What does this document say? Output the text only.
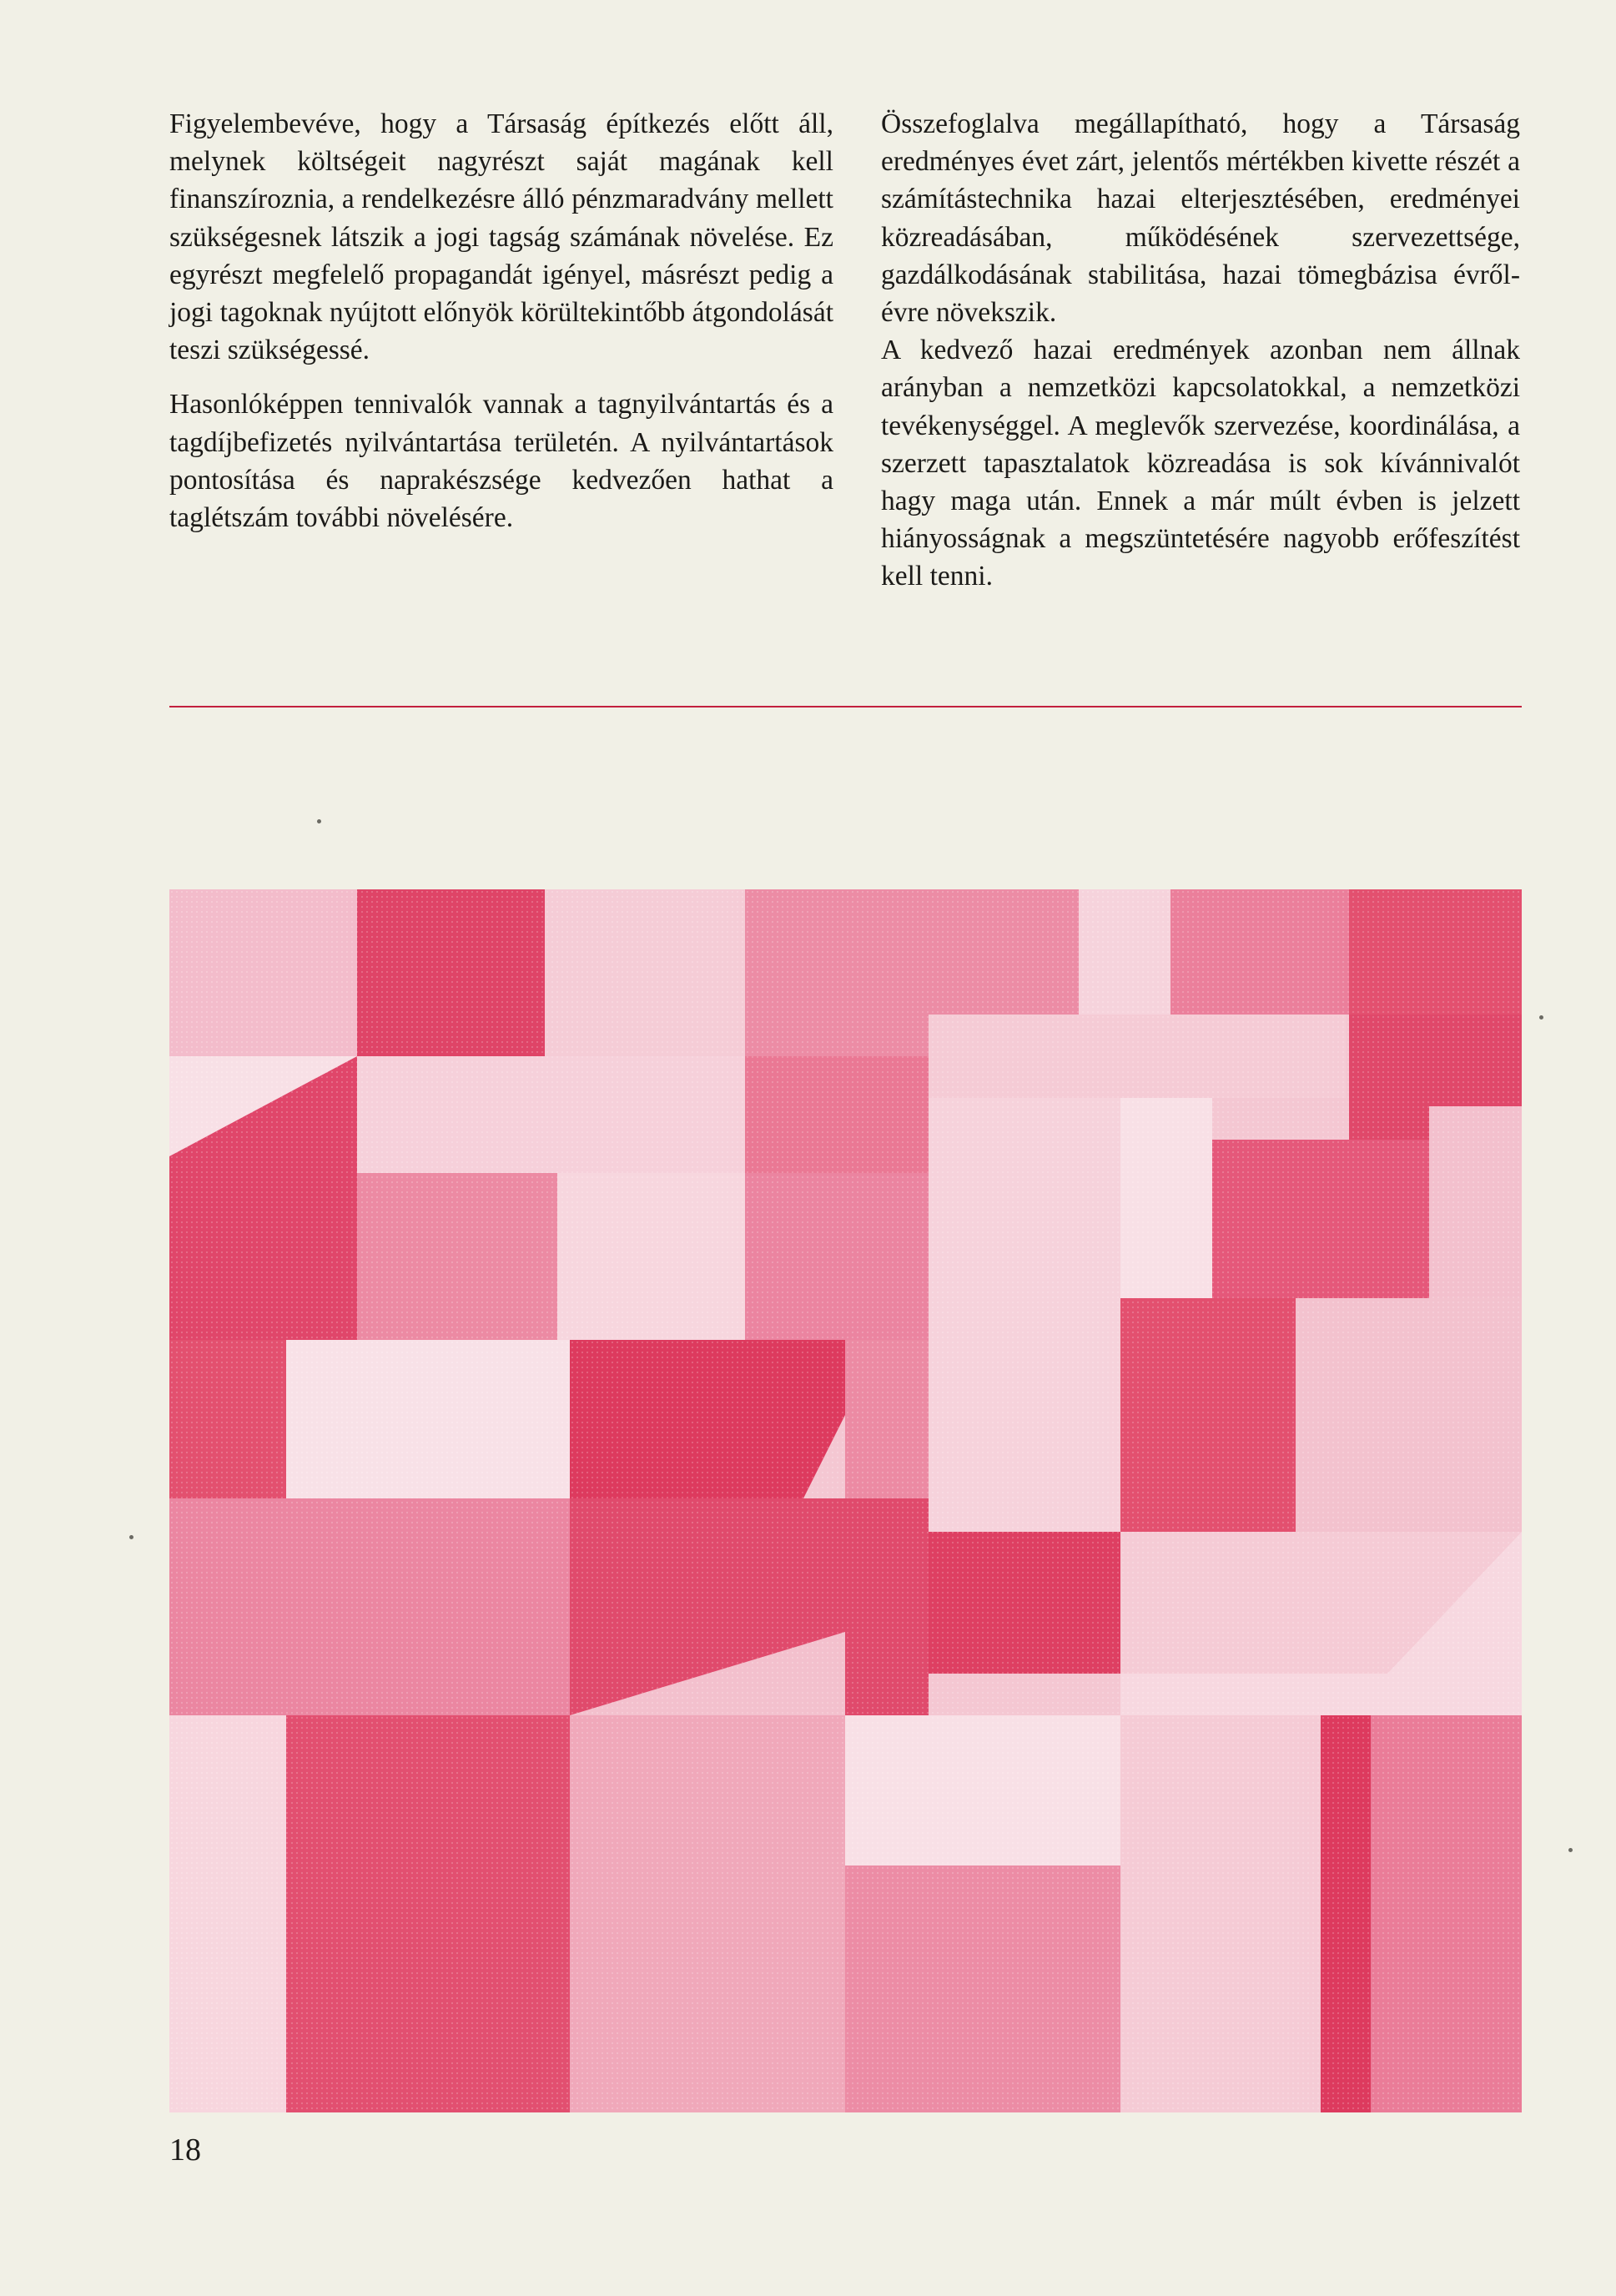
Figyelembevéve, hogy a Társaság építkezés előtt áll, melynek költségeit nagyrészt saját magának kell finanszíroznia, a rendelkezésre álló pénzmaradvány mellett szükségesnek látszik a jogi tagság számának növelése. Ez egyrészt megfelelő propagandát igényel, másrészt pedig a jogi tagoknak nyújtott előnyök körültekintőbb átgondolását teszi szükségessé.

Hasonlóképpen tennivalók vannak a tagnyilvántartás és a tagdíjbefizetés nyilvántartása területén. A nyilvántartások pontosítása és naprakészsége kedvezően hathat a taglétszám további növelésére.

Összefoglalva megállapítható, hogy a Társaság eredményes évet zárt, jelentős mértékben kivette részét a számítástechnika hazai elterjesztésében, eredményei közreadásában, működésének szervezettsége, gazdálkodásának stabilitása, hazai tömegbázisa évről-évre növekszik.

A kedvező hazai eredmények azonban nem állnak arányban a nemzetközi kapcsolatokkal, a nemzetközi tevékenységgel. A meglevők szervezése, koordinálása, a szerzett tapasztalatok közreadása is sok kívánnivalót hagy maga után. Ennek a már múlt évben is jelzett hiányosságnak a megszüntetésére nagyobb erőfeszítést kell tenni.

18
